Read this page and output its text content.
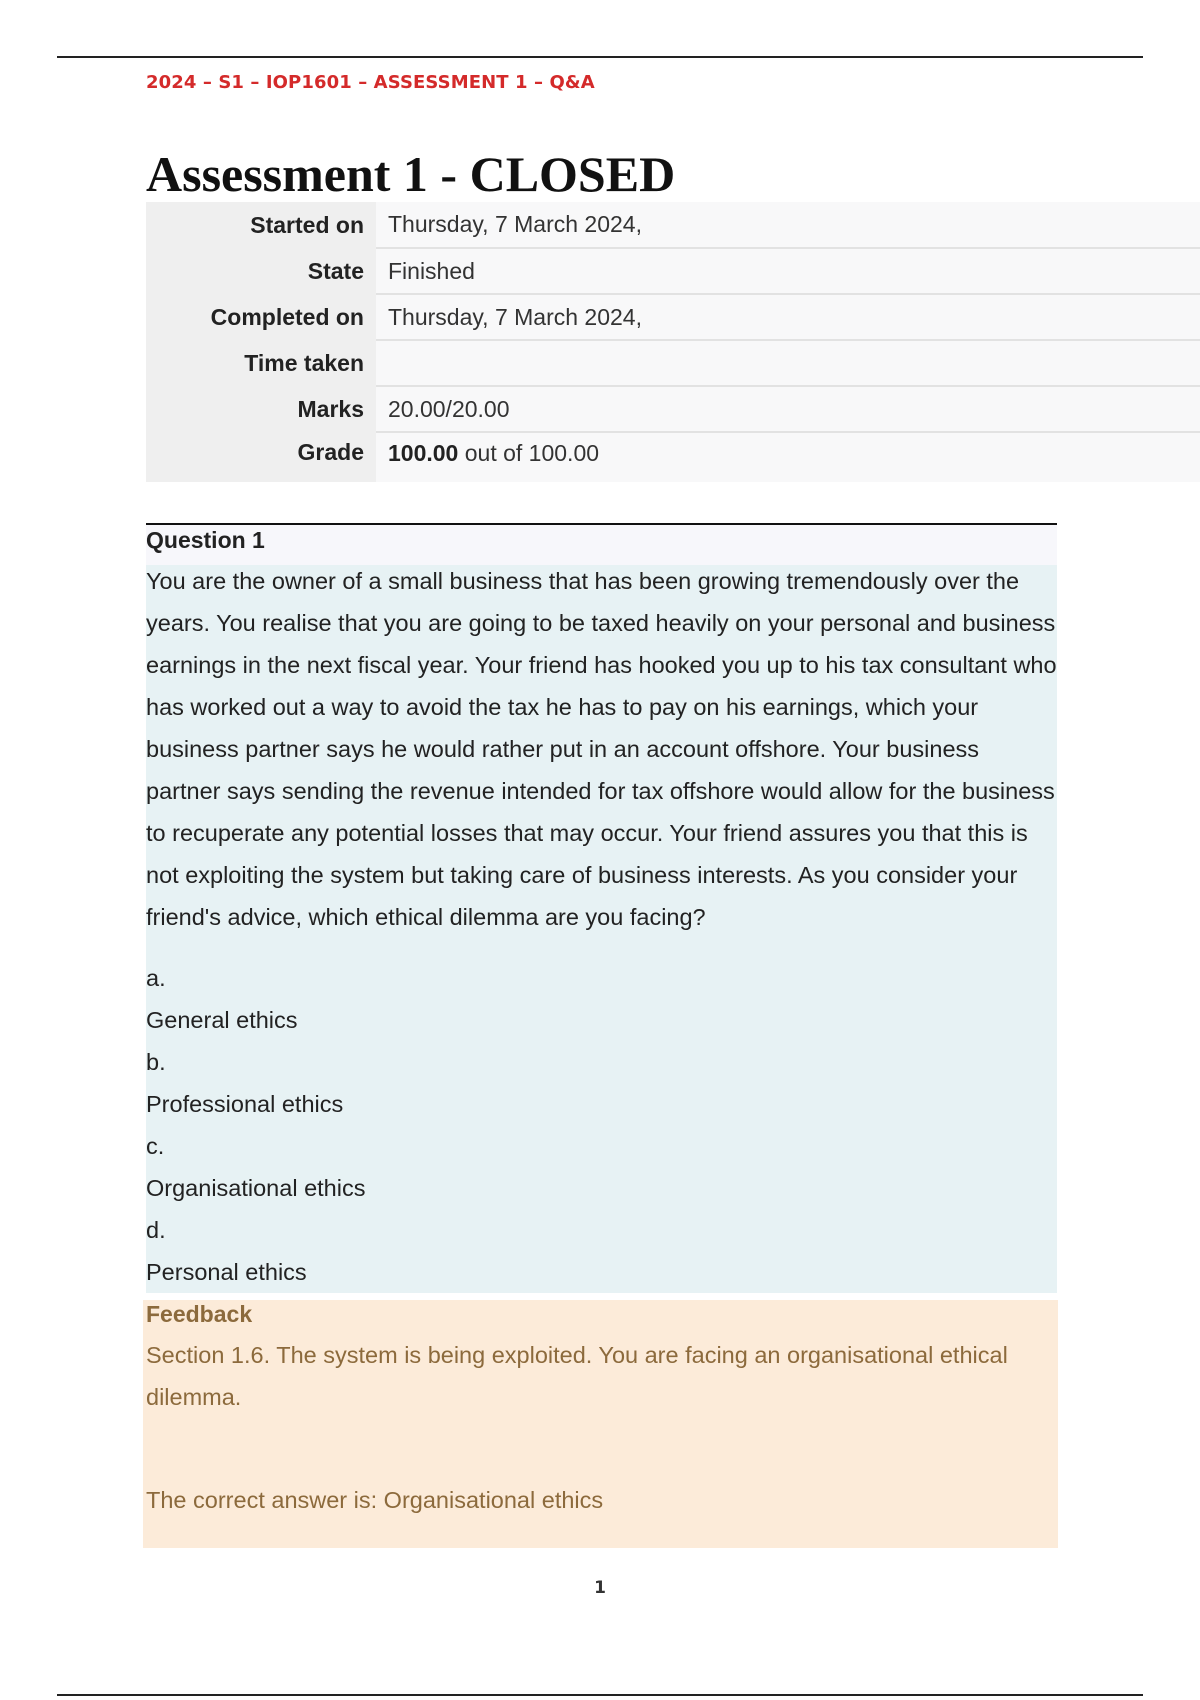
2024 – S1 – IOP1601 – ASSESSMENT 1 – Q&A
Assessment 1 - CLOSED
Started on	Thursday, 7 March 2024,
State	Finished
Completed on	Thursday, 7 March 2024,
Time taken	
Marks	20.00/20.00
Grade	100.00 out of 100.00
Question 1

You are the owner of a small business that has been growing tremendously over the years. You realise that you are going to be taxed heavily on your personal and business earnings in the next fiscal year. Your friend has hooked you up to his tax consultant who has worked out a way to avoid the tax he has to pay on his earnings, which your business partner says he would rather put in an account offshore. Your business partner says sending the revenue intended for tax offshore would allow for the business to recuperate any potential losses that may occur. Your friend assures you that this is not exploiting the system but taking care of business interests. As you consider your friend's advice, which ethical dilemma are you facing?

a.
General ethics
b.
Professional ethics
c.
Organisational ethics
d.
Personal ethics
Feedback

Section 1.6. The system is being exploited. You are facing an organisational ethical dilemma.

The correct answer is: Organisational ethics
1
